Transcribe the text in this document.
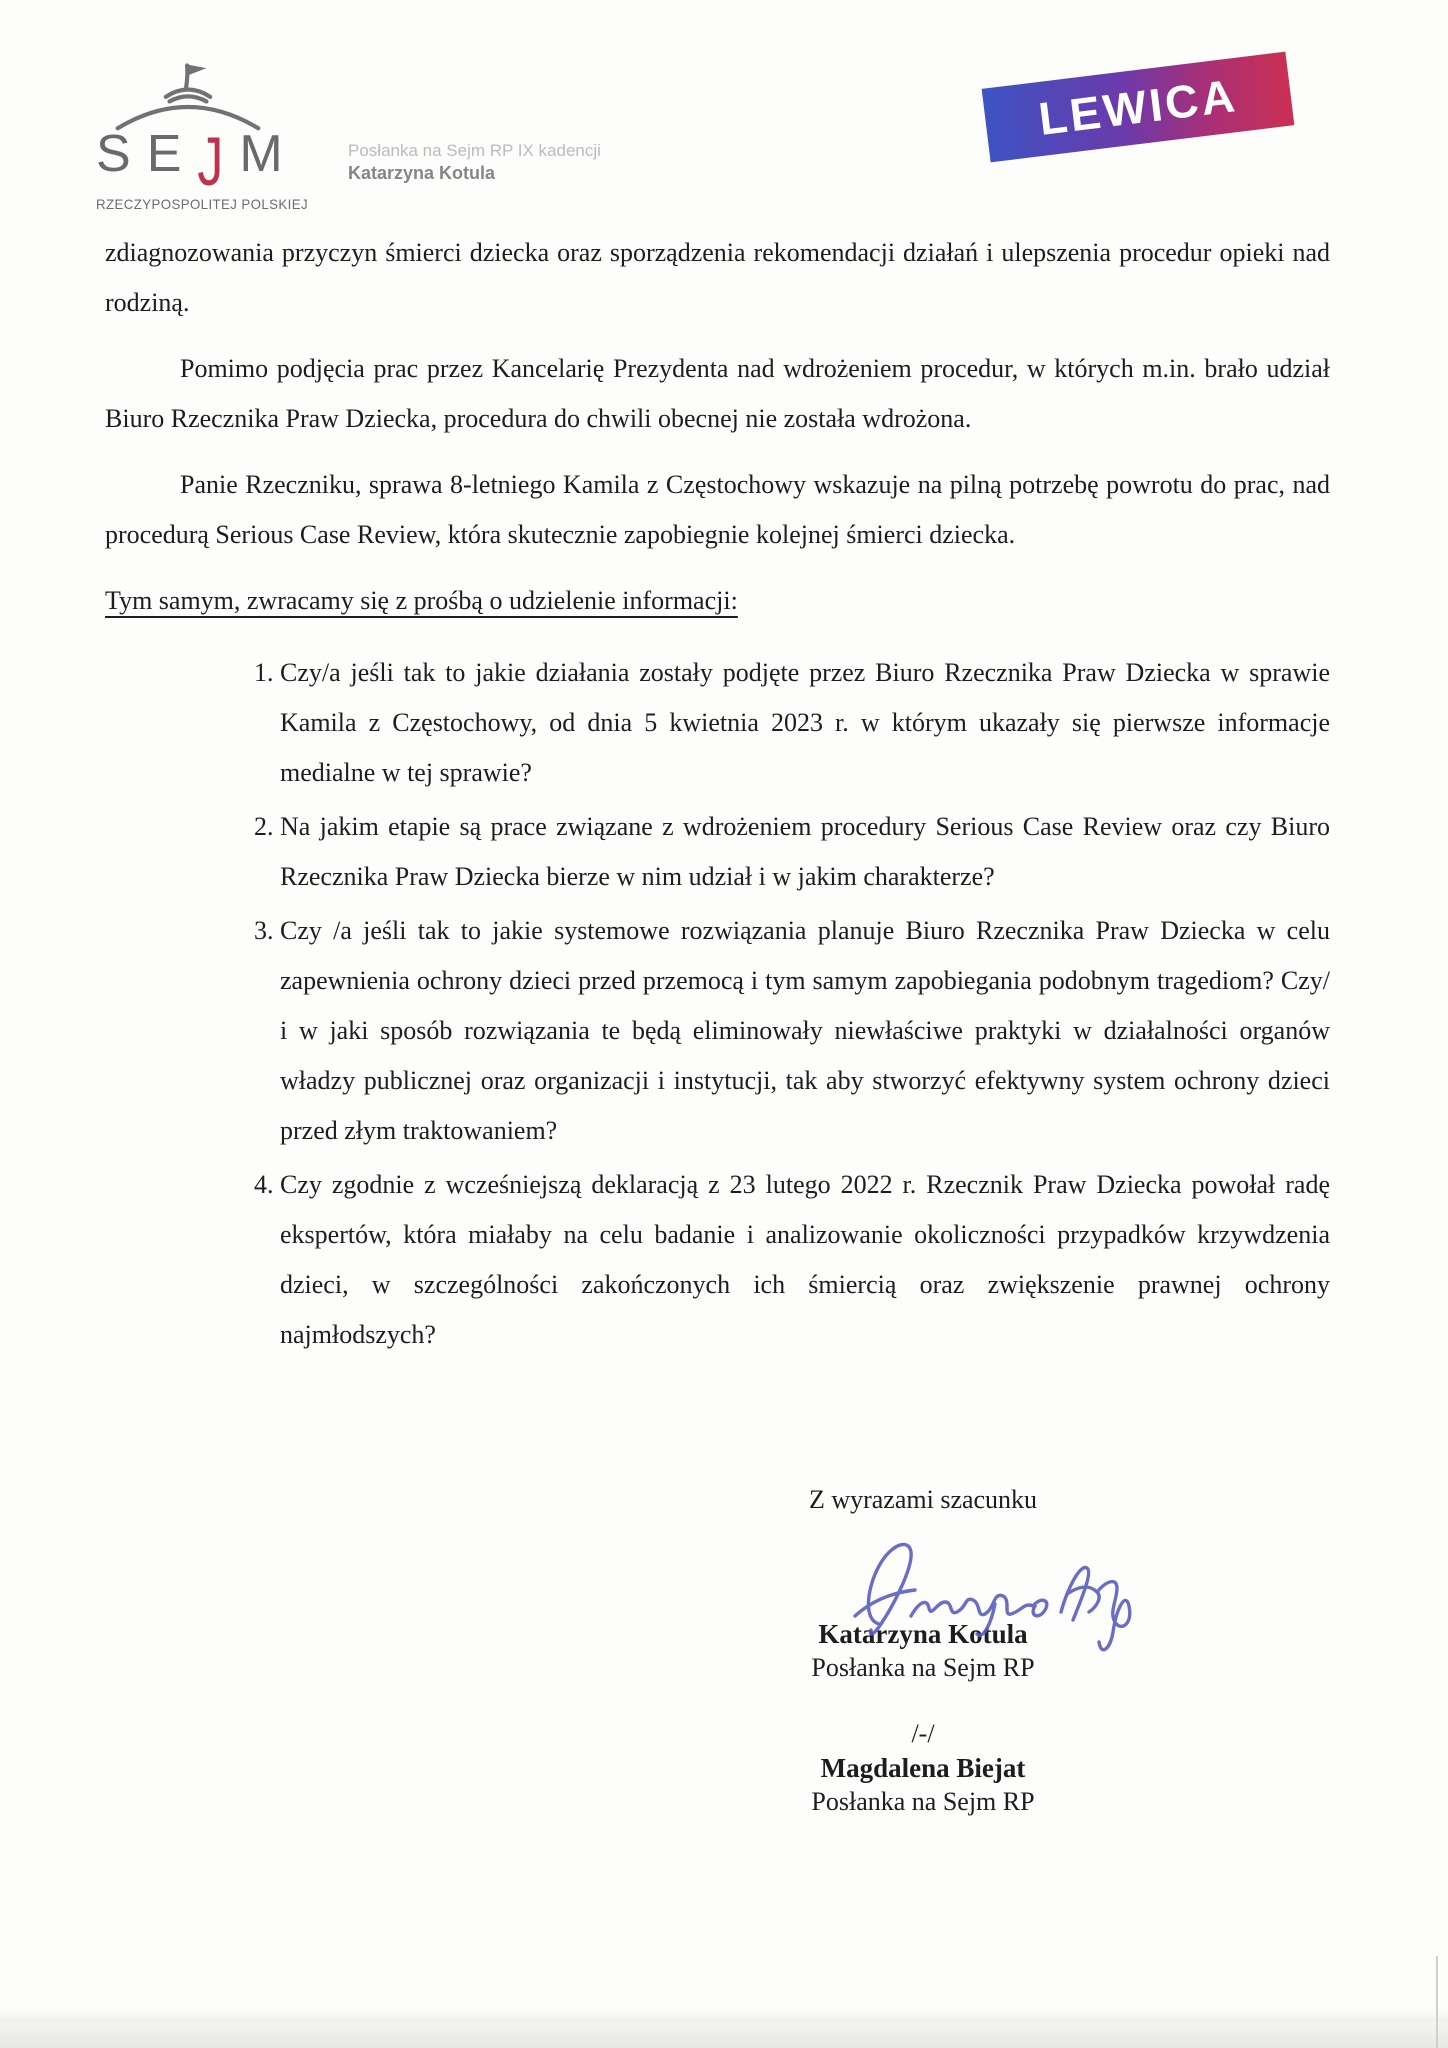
S E J M
RZECZYPOSPOLITEJ POLSKIEJ
Posłanka na Sejm RP IX kadencji
Katarzyna Kotula
LEWICA

zdiagnozowania przyczyn śmierci dziecka oraz sporządzenia rekomendacji działań i ulepszenia procedur opieki nad rodziną.

Pomimo podjęcia prac przez Kancelarię Prezydenta nad wdrożeniem procedur, w których m.in. brało udział Biuro Rzecznika Praw Dziecka, procedura do chwili obecnej nie została wdrożona.

Panie Rzeczniku, sprawa 8-letniego Kamila z Częstochowy wskazuje na pilną potrzebę powrotu do prac, nad procedurą Serious Case Review, która skutecznie zapobiegnie kolejnej śmierci dziecka.

Tym samym, zwracamy się z prośbą o udzielenie informacji:

1. Czy/a jeśli tak to jakie działania zostały podjęte przez Biuro Rzecznika Praw Dziecka w sprawie Kamila z Częstochowy, od dnia 5 kwietnia 2023 r. w którym ukazały się pierwsze informacje medialne w tej sprawie?
2. Na jakim etapie są prace związane z wdrożeniem procedury Serious Case Review oraz czy Biuro Rzecznika Praw Dziecka bierze w nim udział i w jakim charakterze?
3. Czy /a jeśli tak to jakie systemowe rozwiązania planuje Biuro Rzecznika Praw Dziecka w celu zapewnienia ochrony dzieci przed przemocą i tym samym zapobiegania podobnym tragediom? Czy/ i w jaki sposób rozwiązania te będą eliminowały niewłaściwe praktyki w działalności organów władzy publicznej oraz organizacji i instytucji, tak aby stworzyć efektywny system ochrony dzieci przed złym traktowaniem?
4. Czy zgodnie z wcześniejszą deklaracją z 23 lutego 2022 r. Rzecznik Praw Dziecka powołał radę ekspertów, która miałaby na celu badanie i analizowanie okoliczności przypadków krzywdzenia dzieci, w szczególności zakończonych ich śmiercią oraz zwiększenie prawnej ochrony najmłodszych?
Z wyrazami szacunku
Katarzyna Kotula
Posłanka na Sejm RP
/-/
Magdalena Biejat
Posłanka na Sejm RP
